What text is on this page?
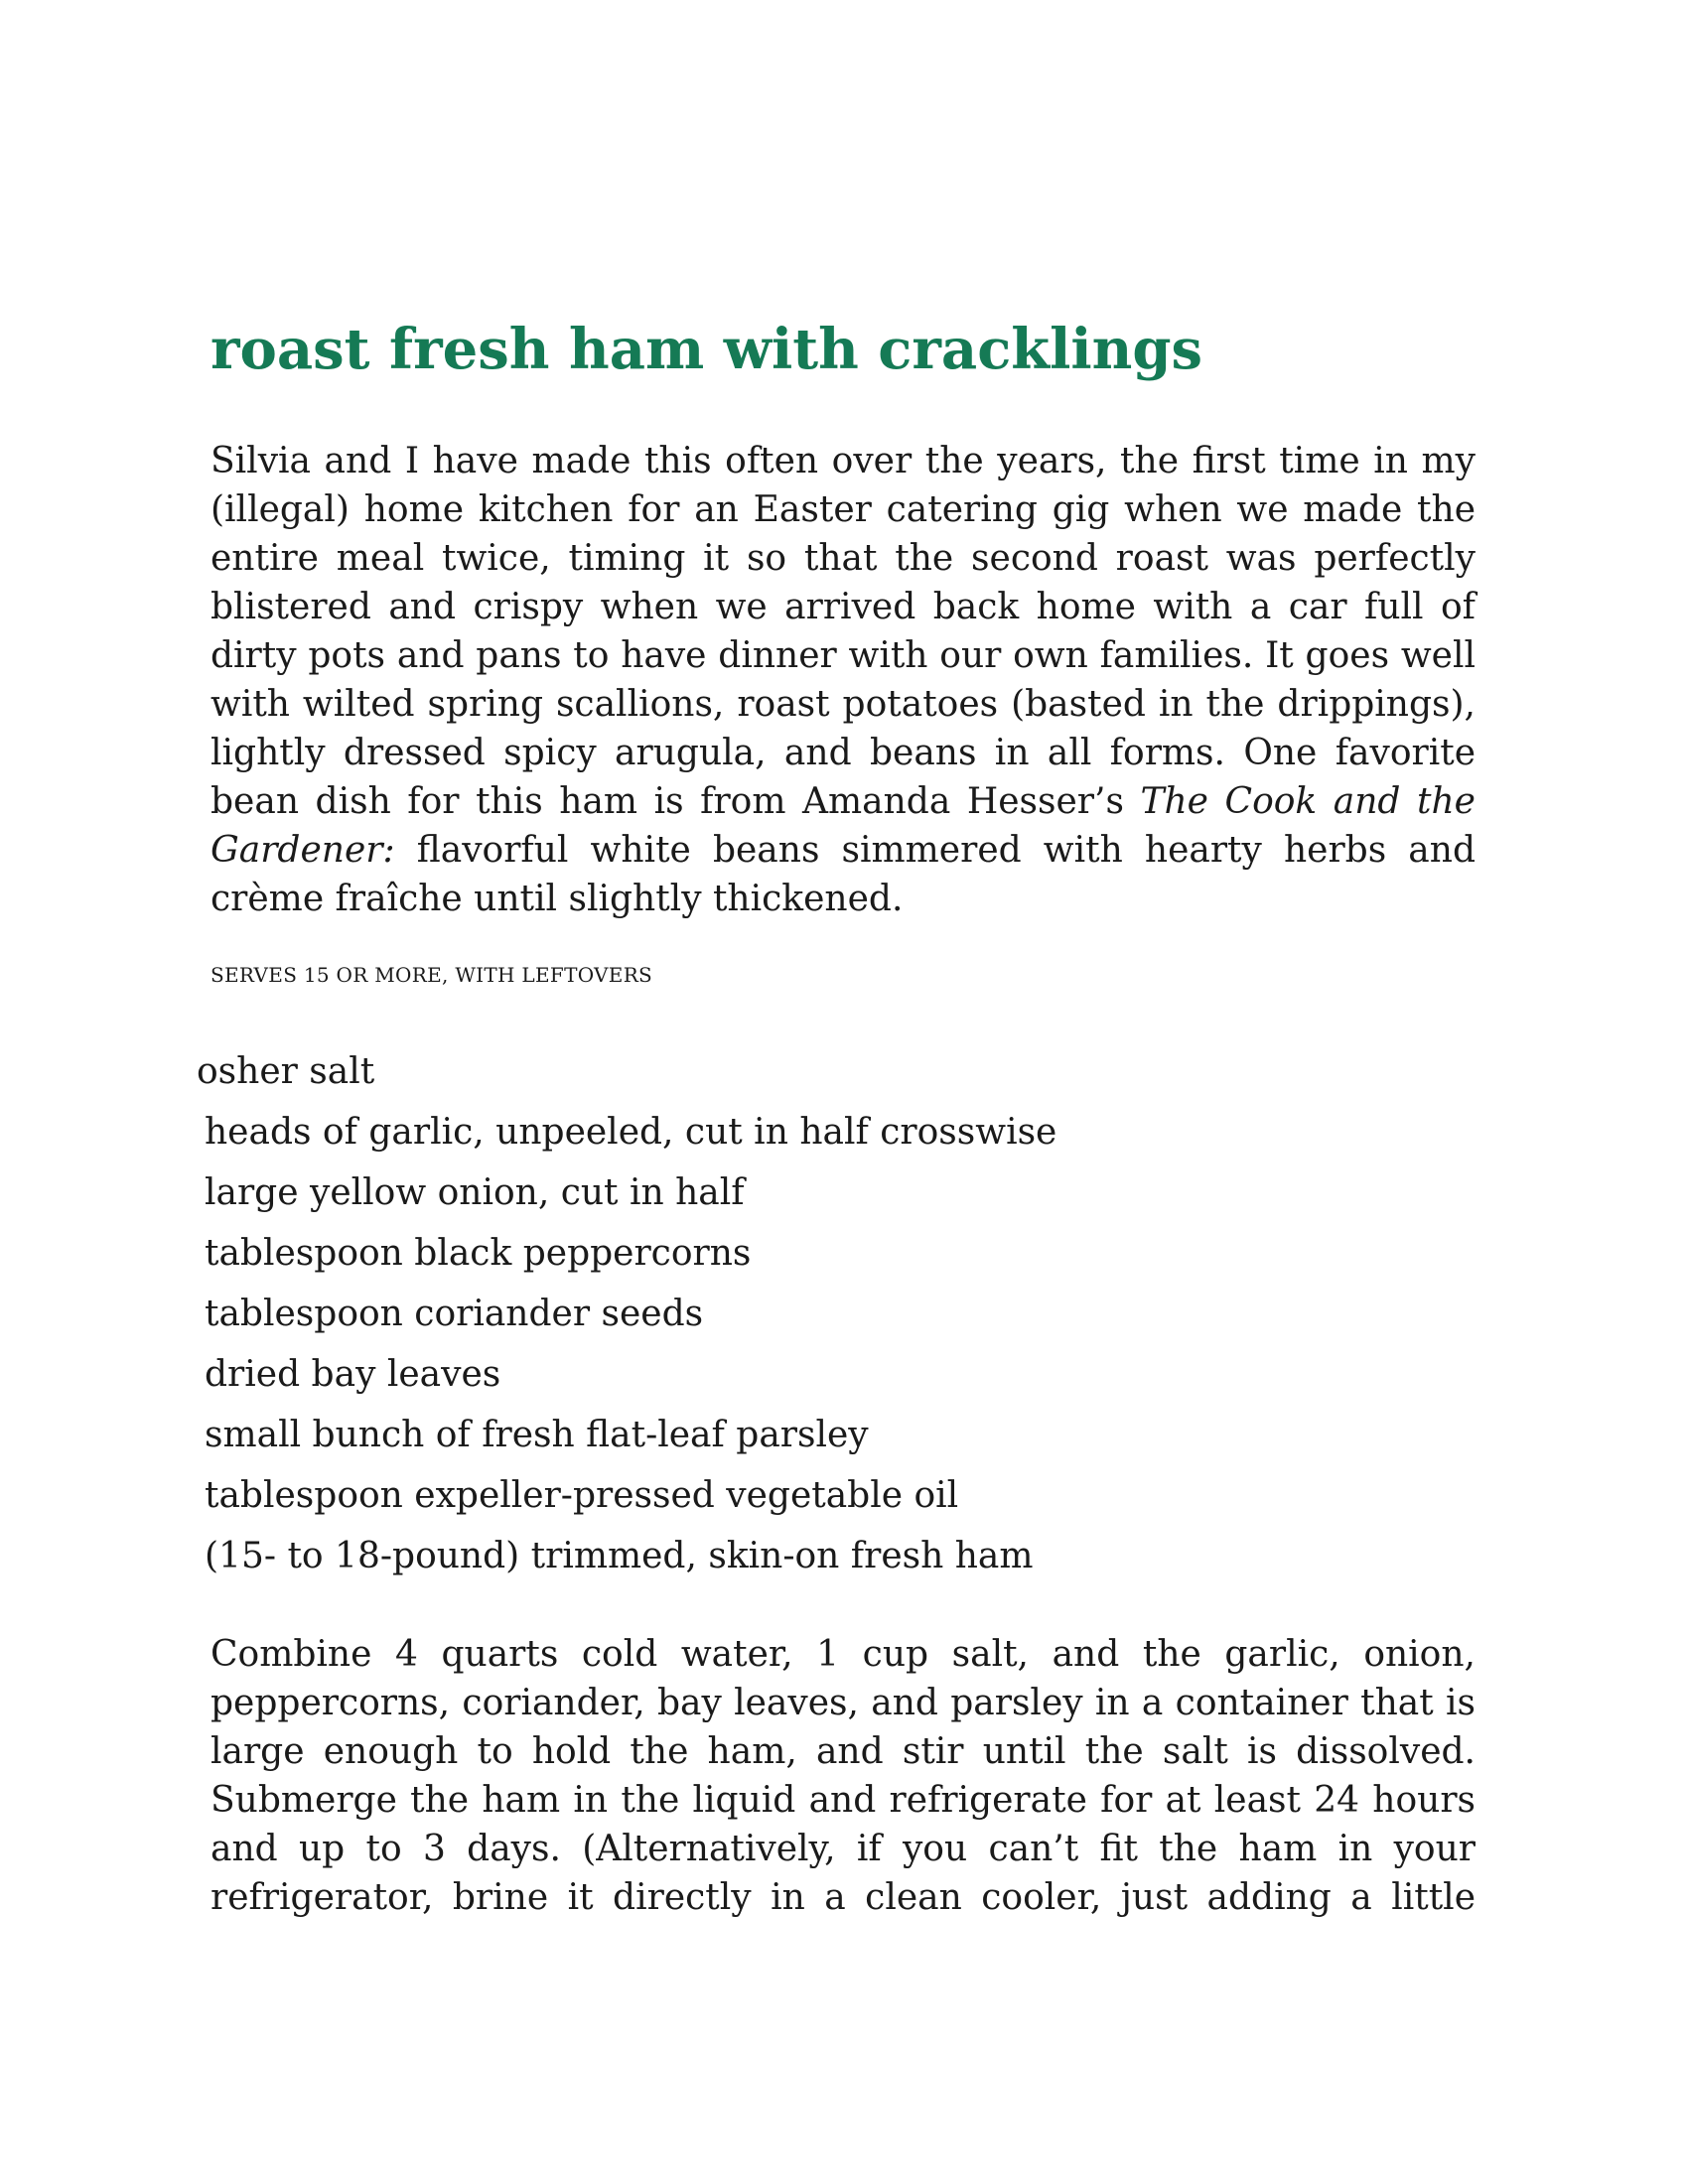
roast fresh ham with cracklings

Silvia and I have made this often over the years, the first time in my (illegal) home kitchen for an Easter catering gig when we made the entire meal twice, timing it so that the second roast was perfectly blistered and crispy when we arrived back home with a car full of dirty pots and pans to have dinner with our own families. It goes well with wilted spring scallions, roast potatoes (basted in the drippings), lightly dressed spicy arugula, and beans in all forms. One favorite bean dish for this ham is from Amanda Hesser’s The Cook and the Gardener: flavorful white beans simmered with hearty herbs and crème fraîche until slightly thickened.

SERVES 15 OR MORE, WITH LEFTOVERS

osher salt
heads of garlic, unpeeled, cut in half crosswise
large yellow onion, cut in half
tablespoon black peppercorns
tablespoon coriander seeds
dried bay leaves
small bunch of fresh flat-leaf parsley
tablespoon expeller-pressed vegetable oil
(15- to 18-pound) trimmed, skin-on fresh ham

Combine 4 quarts cold water, 1 cup salt, and the garlic, onion, peppercorns, coriander, bay leaves, and parsley in a container that is large enough to hold the ham, and stir until the salt is dissolved. Submerge the ham in the liquid and refrigerate for at least 24 hours and up to 3 days. (Alternatively, if you can’t fit the ham in your refrigerator, brine it directly in a clean cooler, just adding a little
